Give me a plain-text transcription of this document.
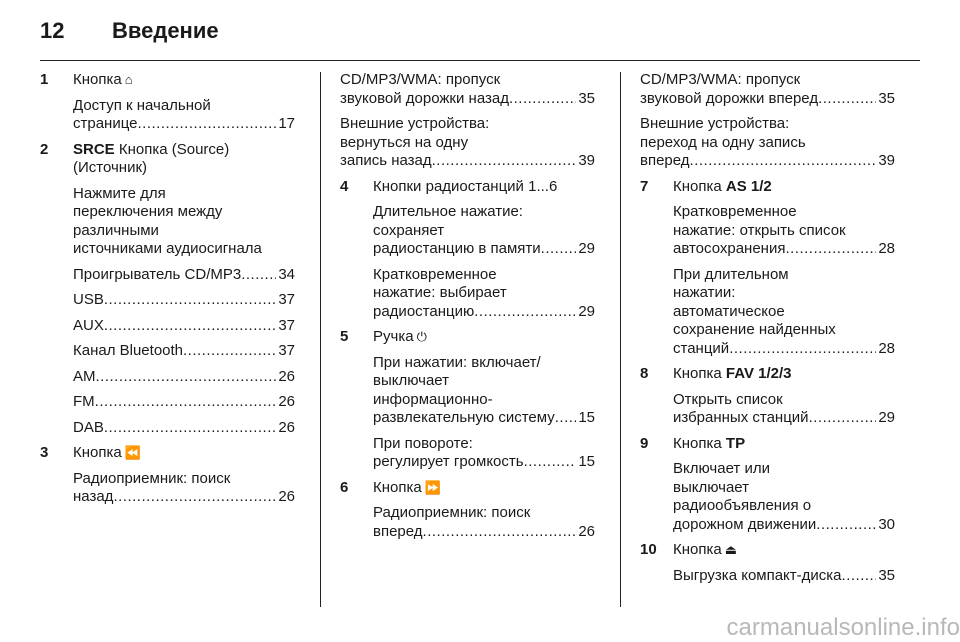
12 Введение
1 Кнопка ⌂
Доступ к начальной
странице .....	17
2 SRCE Кнопка (Source)
(Источник)
Нажмите для
переключения между
различными
источниками аудиосигнала
Проигрыватель CD/MP3 ..... 34
USB .....	37
AUX .....	37
Канал Bluetooth .....	37
AM .....	26
FM .....	26
DAB .....	26
3 Кнопка ⏪
Радиоприемник: поиск
назад .....	26
CD/MP3/WMA: пропуск
звуковой дорожки назад .....	35
Внешние устройства:
вернуться на одну
запись назад .....	39
4 Кнопки радиостанций 1...6
Длительное нажатие:
сохраняет
радиостанцию в памяти .....	29
Кратковременное
нажатие: выбирает
радиостанцию .....	29
5 Ручка ⏻
При нажатии: включает/
выключает
информационно-
развлекательную систему ..... 15
При повороте:
регулирует громкость .....	15
6 Кнопка ⏩
Радиоприемник: поиск
вперед .....	26
CD/MP3/WMA: пропуск
звуковой дорожки вперед .....	35
Внешние устройства:
переход на одну запись
вперед .....	39
7 Кнопка AS 1/2
Кратковременное
нажатие: открыть список
автосохранения .....	28
При длительном
нажатии:
автоматическое
сохранение найденных
станций .....	28
8 Кнопка FAV 1/2/3
Открыть список
избранных станций .....	29
9 Кнопка TP
Включает или
выключает
радиообъявления о
дорожном движении .....	30
10 Кнопка ⏏
Выгрузка компакт-диска ..... 35
carmanualsonline.info
